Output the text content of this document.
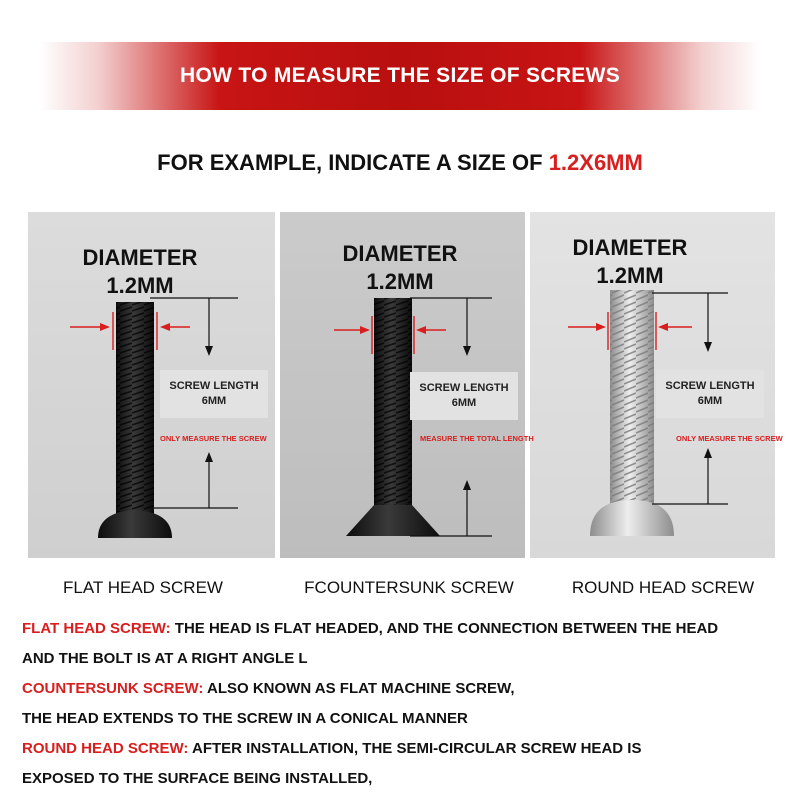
HOW TO MEASURE THE SIZE OF SCREWS
FOR EXAMPLE, INDICATE A SIZE OF 1.2X6MM
DIAMETER
1.2MM
SCREW LENGTH
6MM
ONLY MEASURE THE SCREW
DIAMETER
1.2MM
SCREW LENGTH
6MM
MEASURE THE TOTAL LENGTH
DIAMETER
1.2MM
SCREW LENGTH
6MM
ONLY MEASURE THE SCREW
FLAT HEAD SCREW	FCOUNTERSUNK SCREW	ROUND HEAD SCREW
FLAT HEAD SCREW: THE HEAD IS FLAT HEADED, AND THE CONNECTION BETWEEN THE HEAD
AND THE BOLT IS AT A RIGHT ANGLE L
COUNTERSUNK SCREW: ALSO KNOWN AS FLAT MACHINE SCREW,
THE HEAD EXTENDS TO THE SCREW IN A CONICAL MANNER
ROUND HEAD SCREW: AFTER INSTALLATION, THE SEMI-CIRCULAR SCREW HEAD IS
EXPOSED TO THE SURFACE BEING INSTALLED,
